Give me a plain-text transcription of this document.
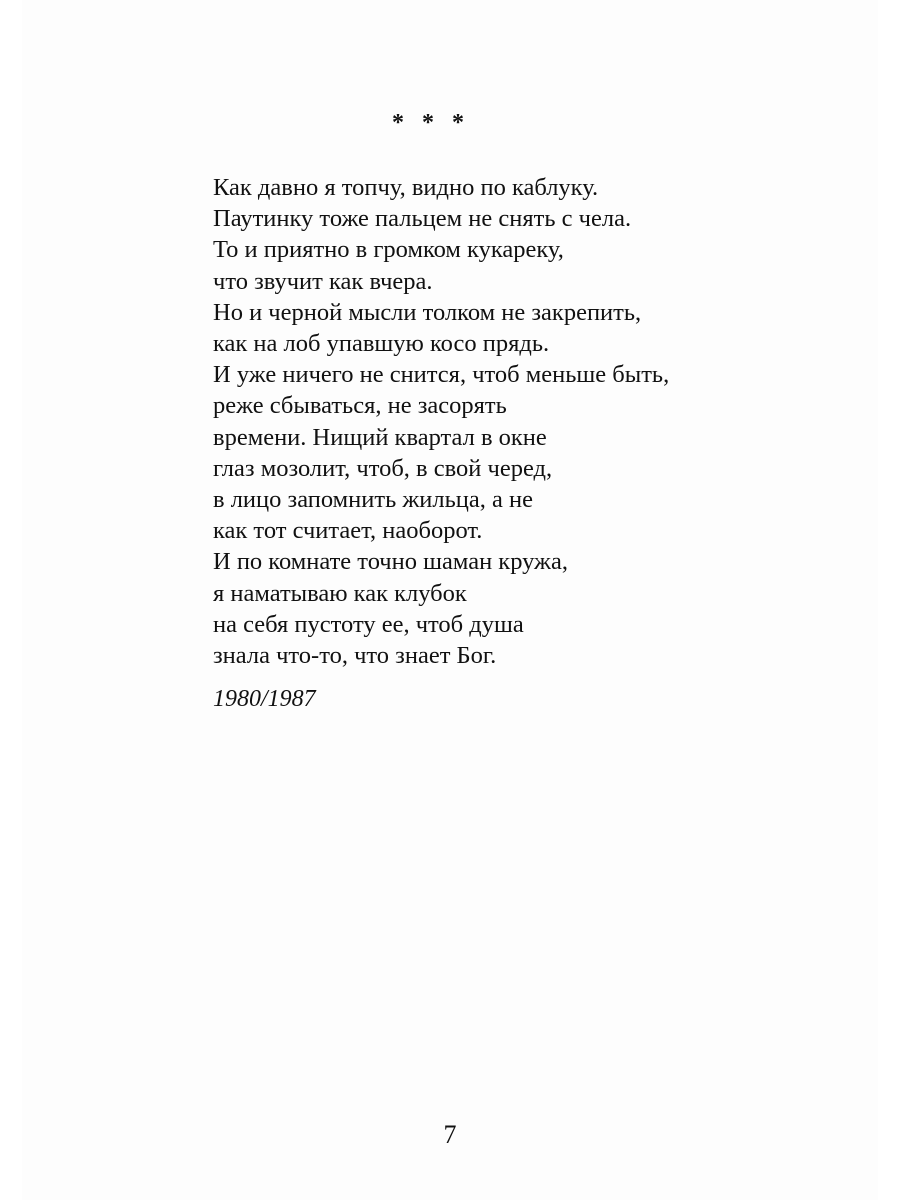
* * *
Как давно я топчу, видно по каблуку.
Паутинку тоже пальцем не снять с чела.
То и приятно в громком кукареку,
что звучит как вчера.
Но и черной мысли толком не закрепить,
как на лоб упавшую косо прядь.
И уже ничего не снится, чтоб меньше быть,
реже сбываться, не засорять
времени. Нищий квартал в окне
глаз мозолит, чтоб, в свой черед,
в лицо запомнить жильца, а не
как тот считает, наоборот.
И по комнате точно шаман кружа,
я наматываю как клубок
на себя пустоту ее, чтоб душа
знала что-то, что знает Бог.
1980/1987
7
